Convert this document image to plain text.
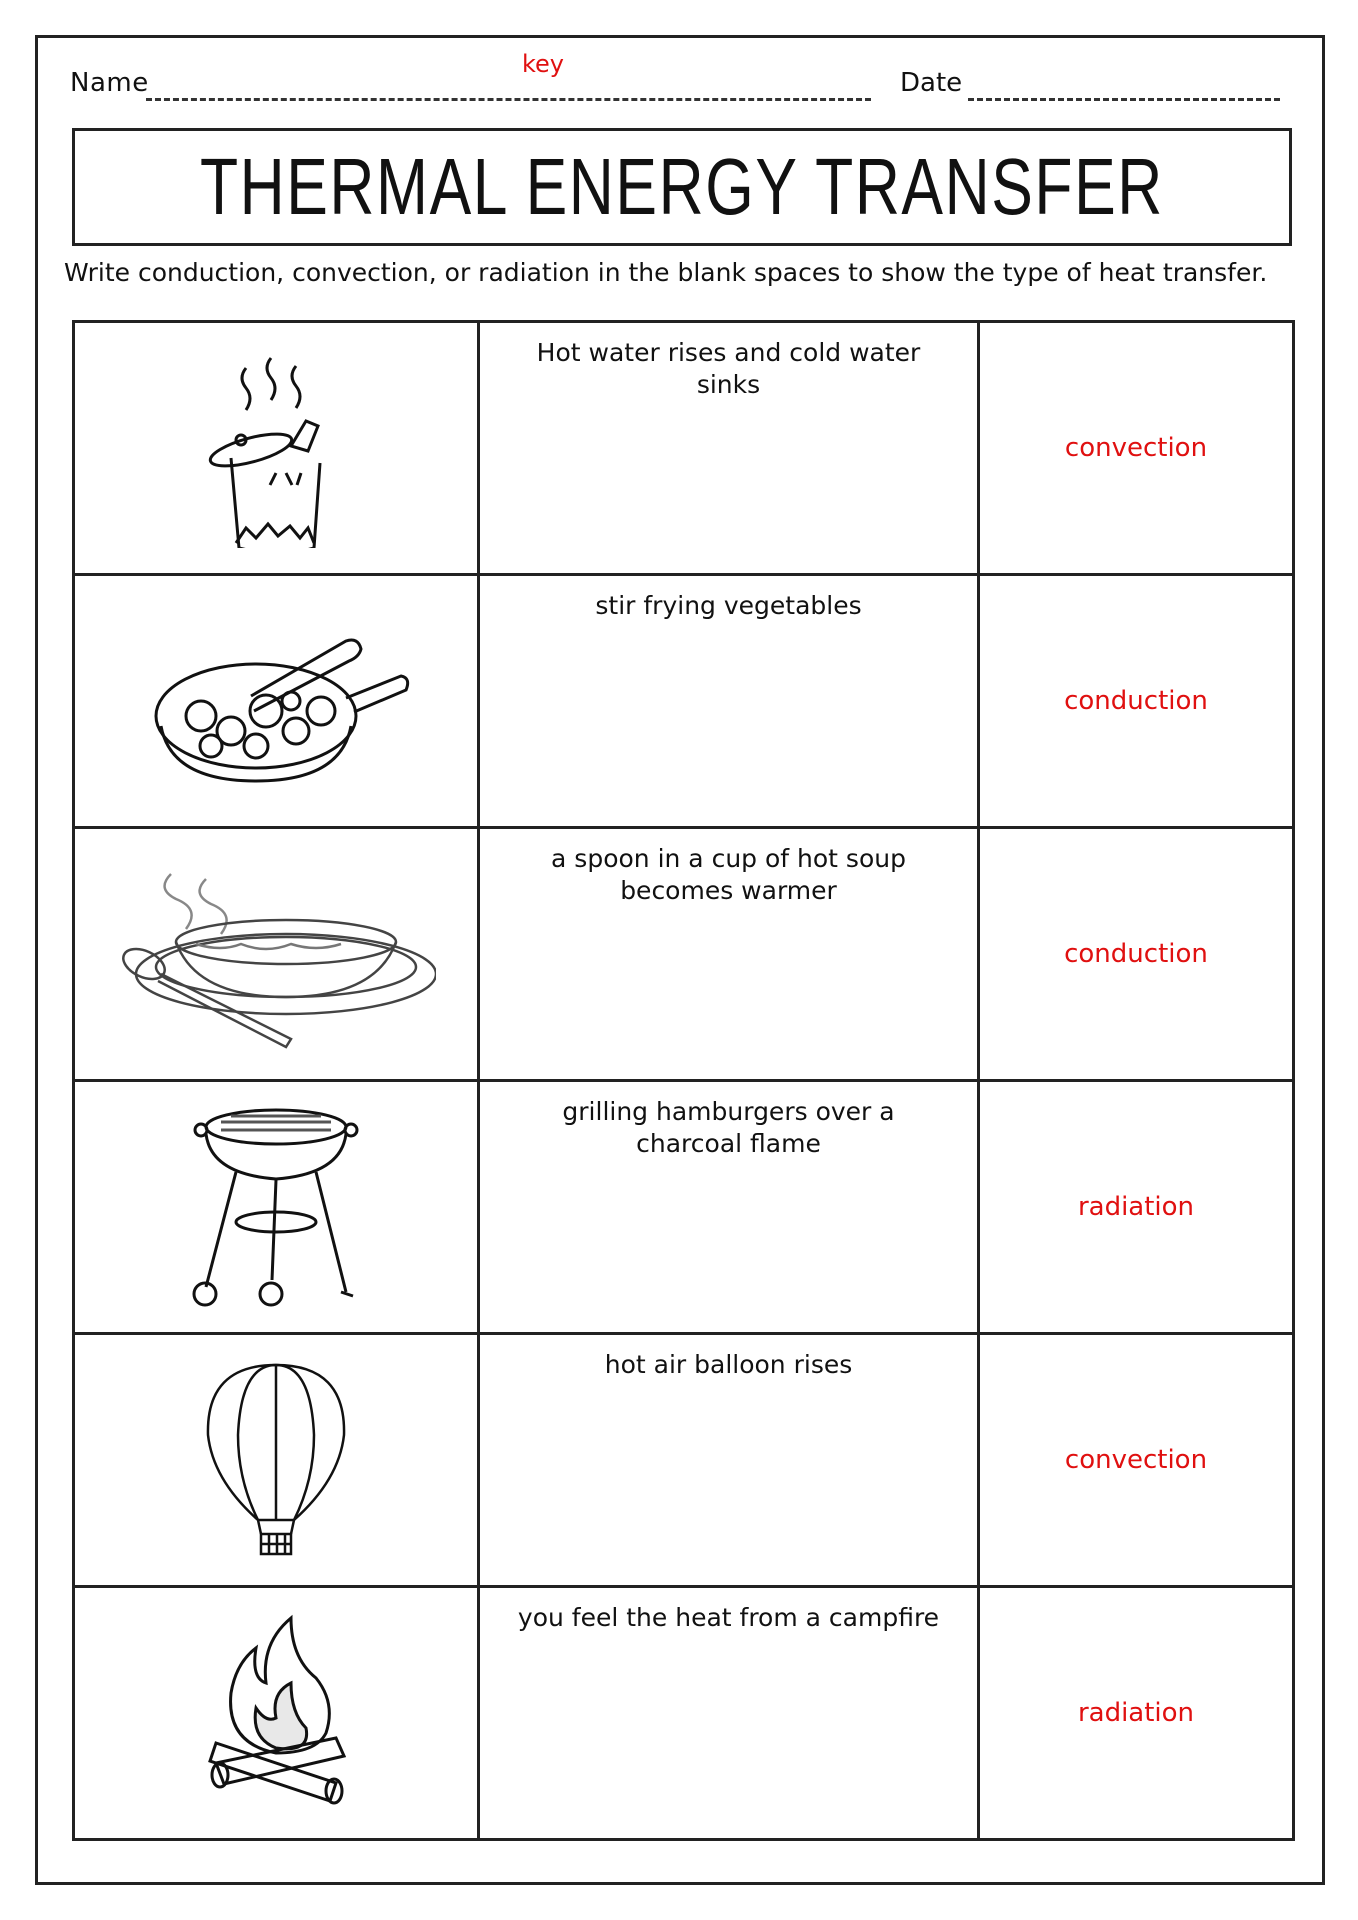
Name
key
Date
THERMAL ENERGY TRANSFER
Write conduction, convection, or radiation in the blank spaces to show the type of heat transfer.

Hot water rises and cold water sinks	convection

stir frying vegetables	conduction

a spoon in a cup of hot soup becomes warmer	conduction

grilling hamburgers over a charcoal flame	radiation

hot air balloon rises	convection

you feel the heat from a campfire	radiation
